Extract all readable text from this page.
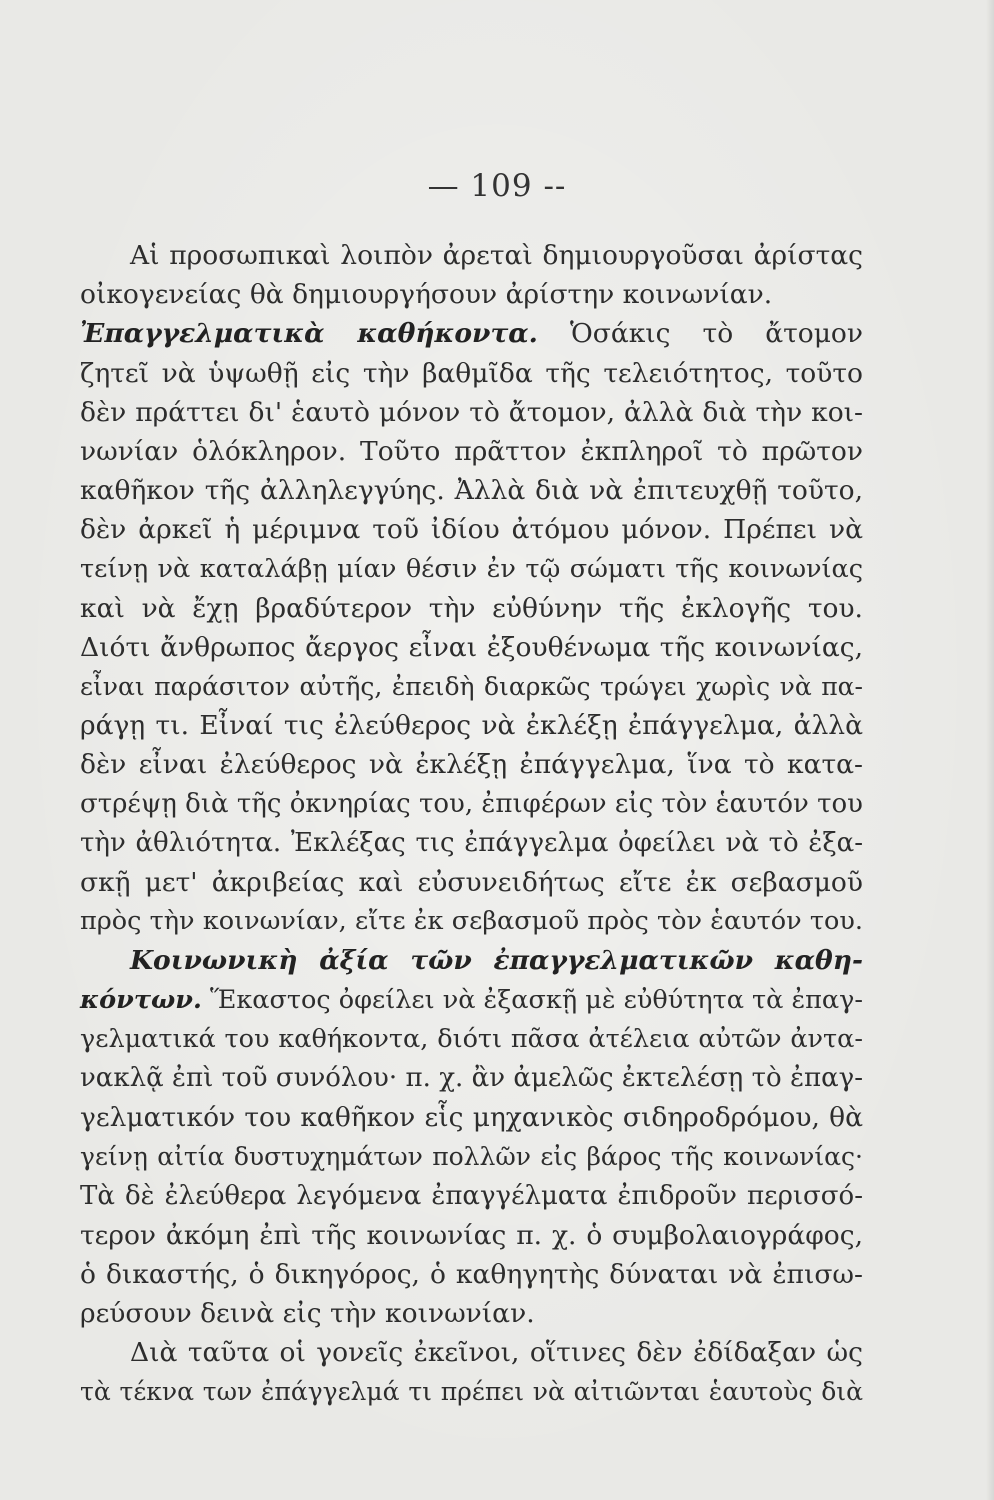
— 109 --
Αἱ προσωπικαὶ λοιπὸν ἀρεταὶ δημιουργοῦσαι ἀρίστας
οἰκογενείας θὰ δημιουργήσουν ἀρίστην κοινωνίαν.
Ἐπαγγελματικὰ καθήκοντα. Ὁσάκις τὸ ἄτομον
ζητεῖ νὰ ὑψωθῇ εἰς τὴν βαθμῖδα τῆς τελειότητος, τοῦτο
δὲν πράττει δι' ἑαυτὸ μόνον τὸ ἄτομον, ἀλλὰ διὰ τὴν κοι-
νωνίαν ὁλόκληρον. Τοῦτο πρᾶττον ἐκπληροῖ τὸ πρῶτον
καθῆκον τῆς ἀλληλεγγύης. Ἀλλὰ διὰ νὰ ἐπιτευχθῇ τοῦτο,
δὲν ἀρκεῖ ἡ μέριμνα τοῦ ἰδίου ἀτόμου μόνον. Πρέπει νὰ
τείνῃ νὰ καταλάβῃ μίαν θέσιν ἐν τῷ σώματι τῆς κοινωνίας
καὶ νὰ ἔχῃ βραδύτερον τὴν εὐθύνην τῆς ἐκλογῆς του.
Διότι ἄνθρωπος ἄεργος εἶναι ἐξουθένωμα τῆς κοινωνίας,
εἶναι παράσιτον αὐτῆς, ἐπειδὴ διαρκῶς τρώγει χωρὶς νὰ πα-
ράγῃ τι. Εἶναί τις ἐλεύθερος νὰ ἐκλέξῃ ἐπάγγελμα, ἀλλὰ
δὲν εἶναι ἐλεύθερος νὰ ἐκλέξῃ ἐπάγγελμα, ἵνα τὸ κατα-
στρέψῃ διὰ τῆς ὀκνηρίας του, ἐπιφέρων εἰς τὸν ἑαυτόν του
τὴν ἀθλιότητα. Ἐκλέξας τις ἐπάγγελμα ὀφείλει νὰ τὸ ἐξα-
σκῇ μετ' ἀκριβείας καὶ εὐσυνειδήτως εἴτε ἐκ σεβασμοῦ
πρὸς τὴν κοινωνίαν, εἴτε ἐκ σεβασμοῦ πρὸς τὸν ἑαυτόν του.
Κοινωνικὴ ἀξία τῶν ἐπαγγελματικῶν καθη-
κόντων. Ἕκαστος ὀφείλει νὰ ἐξασκῇ μὲ εὐθύτητα τὰ ἐπαγ-
γελματικά του καθήκοντα, διότι πᾶσα ἀτέλεια αὐτῶν ἀντα-
νακλᾷ ἐπὶ τοῦ συνόλου· π. χ. ἂν ἀμελῶς ἐκτελέσῃ τὸ ἐπαγ-
γελματικόν του καθῆκον εἷς μηχανικὸς σιδηροδρόμου, θὰ
γείνῃ αἰτία δυστυχημάτων πολλῶν εἰς βάρος τῆς κοινωνίας·
Τὰ δὲ ἐλεύθερα λεγόμενα ἐπαγγέλματα ἐπιδροῦν περισσό-
τερον ἀκόμη ἐπὶ τῆς κοινωνίας π. χ. ὁ συμβολαιογράφος,
ὁ δικαστής, ὁ δικηγόρος, ὁ καθηγητὴς δύναται νὰ ἐπισω-
ρεύσουν δεινὰ εἰς τὴν κοινωνίαν.
Διὰ ταῦτα οἱ γονεῖς ἐκεῖνοι, οἵτινες δὲν ἐδίδαξαν ὡς
τὰ τέκνα των ἐπάγγελμά τι πρέπει νὰ αἰτιῶνται ἑαυτοὺς διὰ
